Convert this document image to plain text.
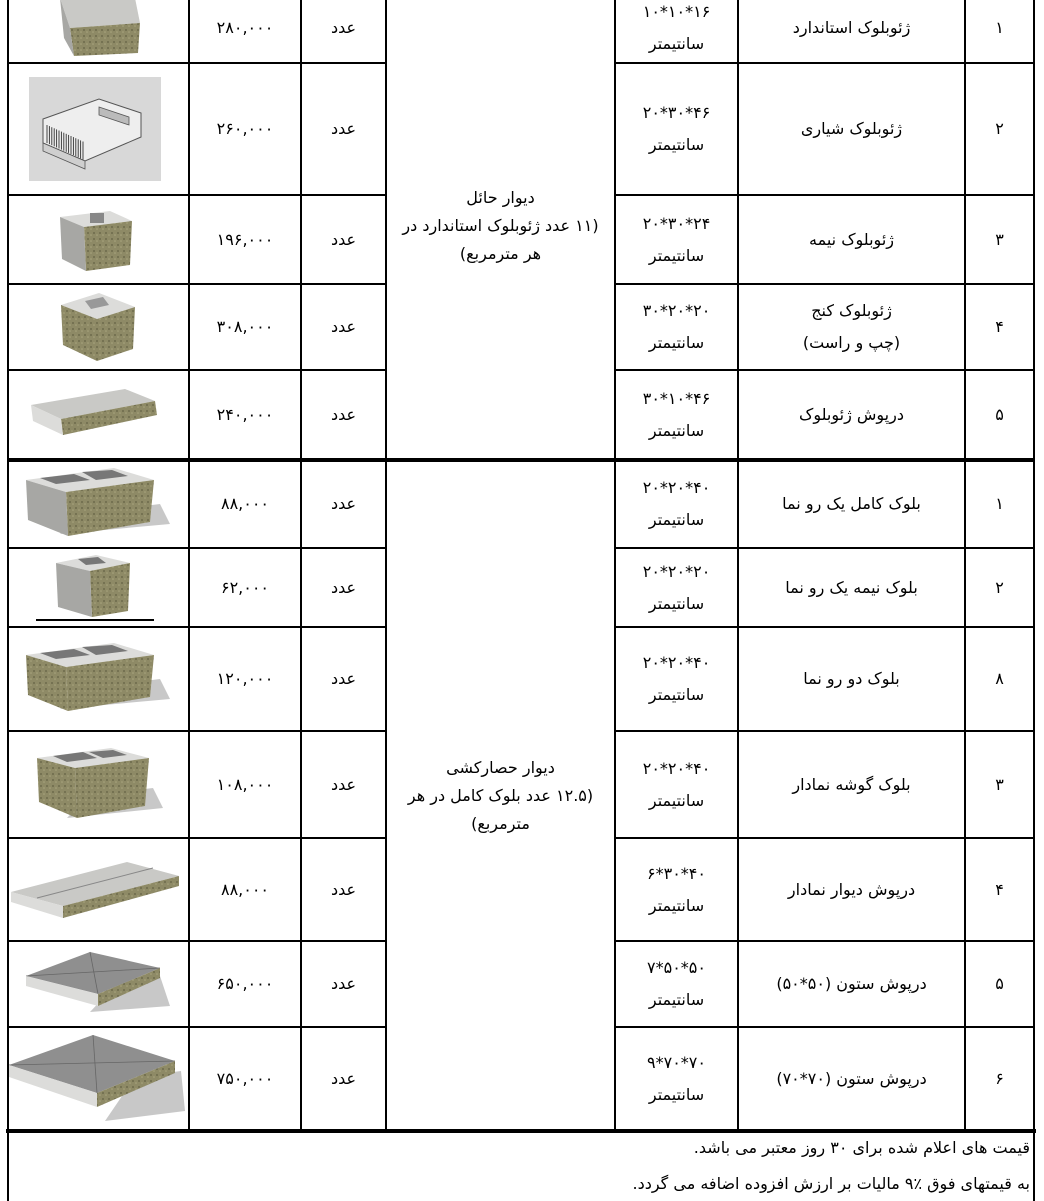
۱
ژئوبلوک استاندارد
۱۶*۱۰*۱۰
سانتیمتر
عدد
۲۸۰,۰۰۰
۲
ژئوبلوک شیاری
۴۶*۳۰*۲۰
سانتیمتر
عدد
۲۶۰,۰۰۰
۳
ژئوبلوک نیمه
۲۴*۳۰*۲۰
سانتیمتر
عدد
۱۹۶,۰۰۰
۴
ژئوبلوک کنج
(چپ و راست)
۲۰*۲۰*۳۰
سانتیمتر
عدد
۳۰۸,۰۰۰
۵
درپوش ژئوبلوک
۴۶*۱۰*۳۰
سانتیمتر
عدد
۲۴۰,۰۰۰
دیوار حائل
(۱۱ عدد ژئوبلوک استاندارد در هر مترمربع)
۱
بلوک کامل یک رو نما
۴۰*۲۰*۲۰
سانتیمتر
عدد
۸۸,۰۰۰
۲
بلوک نیمه یک رو نما
۲۰*۲۰*۲۰
سانتیمتر
عدد
۶۲,۰۰۰
۸
بلوک دو رو نما
۴۰*۲۰*۲۰
سانتیمتر
عدد
۱۲۰,۰۰۰
۳
بلوک گوشه نمادار
۴۰*۲۰*۲۰
سانتیمتر
عدد
۱۰۸,۰۰۰
۴
درپوش دیوار نمادار
۴۰*۳۰*۶
سانتیمتر
عدد
۸۸,۰۰۰
۵
درپوش ستون (۵۰*۵۰)
۵۰*۵۰*۷
سانتیمتر
عدد
۶۵۰,۰۰۰
۶
درپوش ستون (۷۰*۷۰)
۷۰*۷۰*۹
سانتیمتر
عدد
۷۵۰,۰۰۰
دیوار حصارکشی
(۱۲.۵ عدد بلوک کامل در هر مترمربع)
قیمت های اعلام شده برای ۳۰ روز معتبر می باشد.
به قیمتهای فوق ٪۹ مالیات بر ارزش افزوده اضافه می گردد.
